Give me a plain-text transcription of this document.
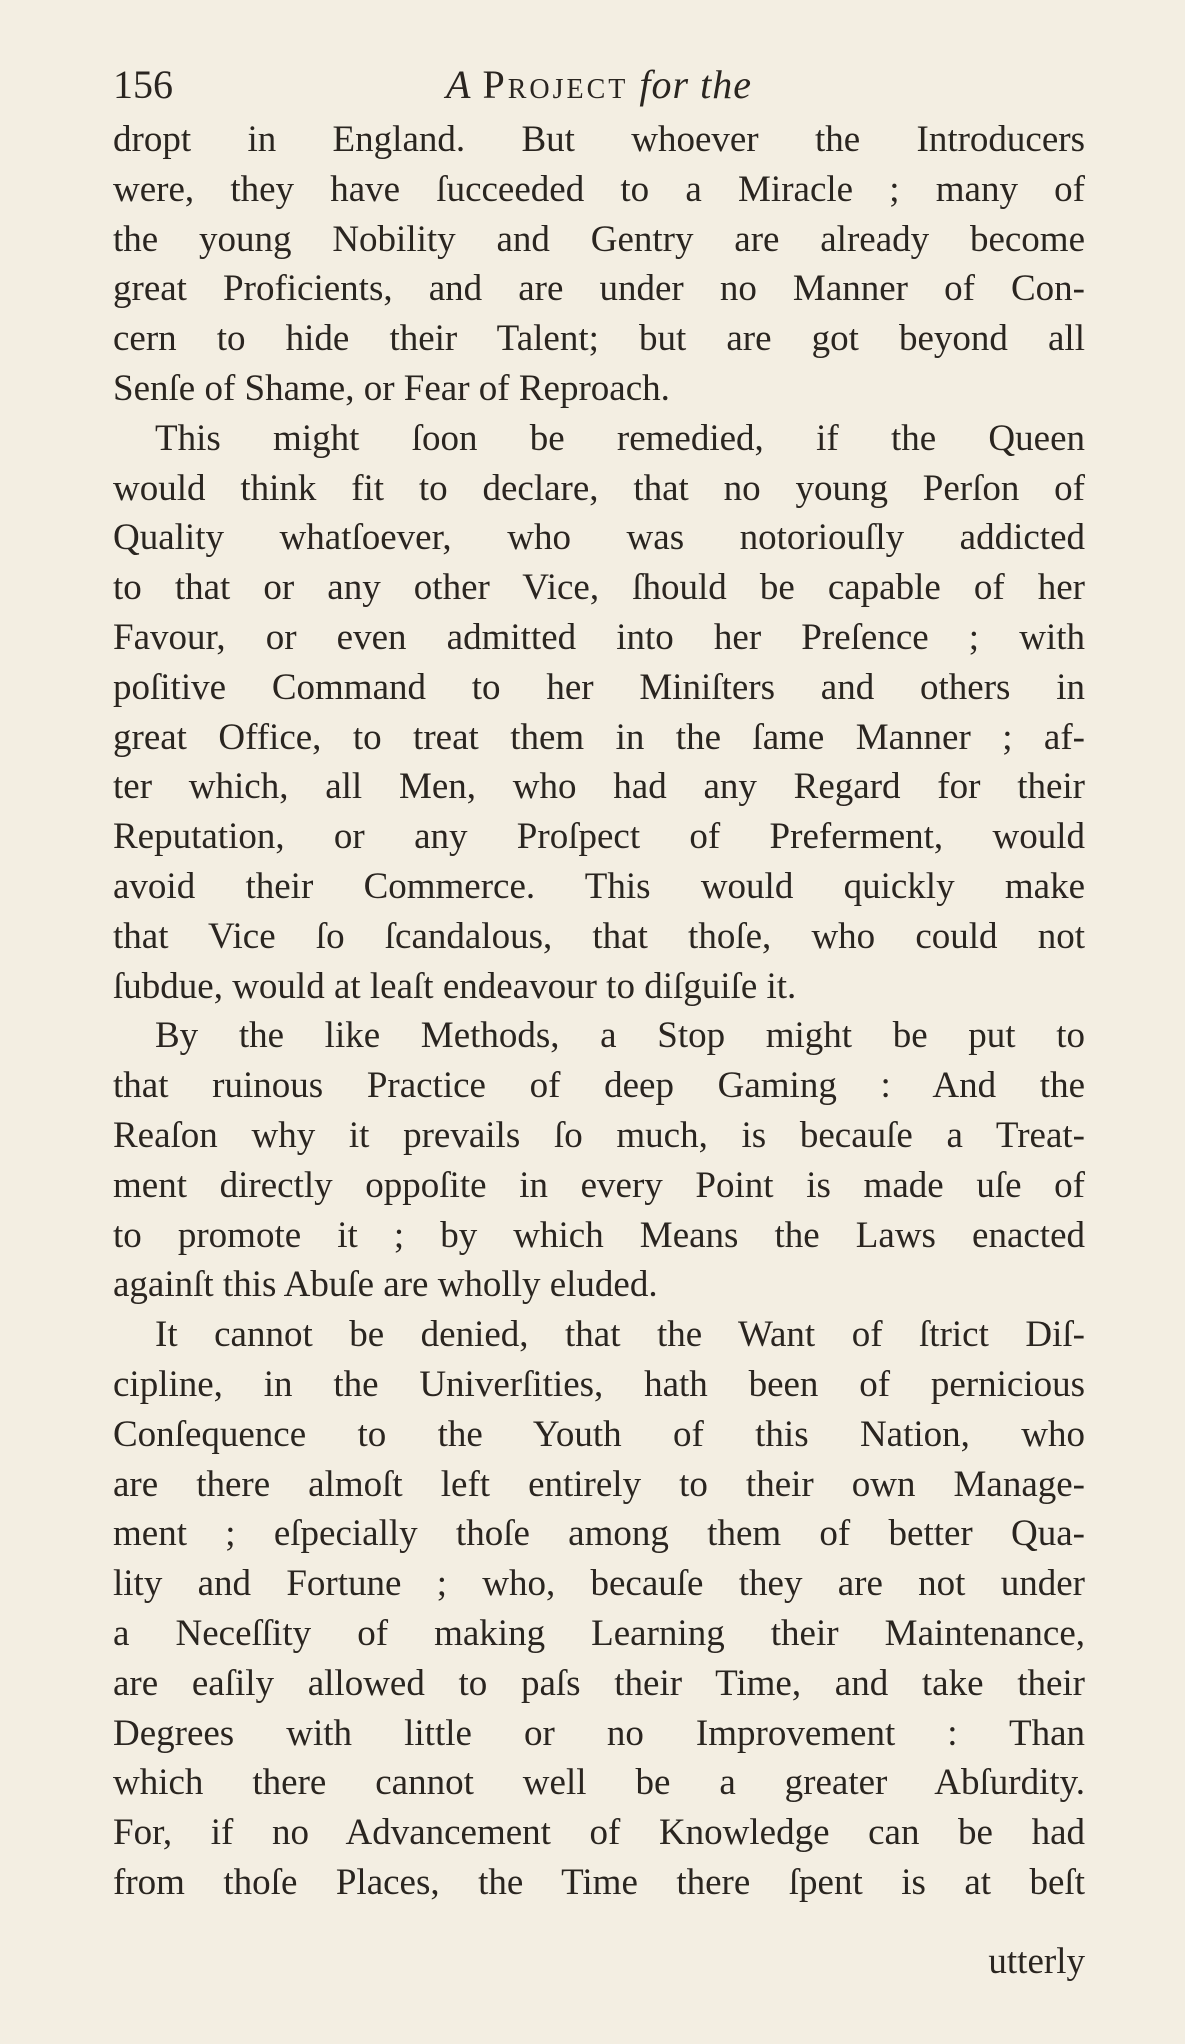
156	A Project for the
dropt in England. But whoever the Introducers
were, they have ſucceeded to a Miracle ; many of
the young Nobility and Gentry are already become
great Proficients, and are under no Manner of Con-
cern to hide their Talent; but are got beyond all
Senſe of Shame, or Fear of Reproach.
This might ſoon be remedied, if the Queen
would think fit to declare, that no young Perſon of
Quality whatſoever, who was notoriouſly addicted
to that or any other Vice, ſhould be capable of her
Favour, or even admitted into her Preſence ; with
poſitive Command to her Miniſters and others in
great Office, to treat them in the ſame Manner ; af-
ter which, all Men, who had any Regard for their
Reputation, or any Proſpect of Preferment, would
avoid their Commerce. This would quickly make
that Vice ſo ſcandalous, that thoſe, who could not
ſubdue, would at leaſt endeavour to diſguiſe it.
By the like Methods, a Stop might be put to
that ruinous Practice of deep Gaming : And the
Reaſon why it prevails ſo much, is becauſe a Treat-
ment directly oppoſite in every Point is made uſe of
to promote it ; by which Means the Laws enacted
againſt this Abuſe are wholly eluded.
It cannot be denied, that the Want of ſtrict Diſ-
cipline, in the Univerſities, hath been of pernicious
Conſequence to the Youth of this Nation, who
are there almoſt left entirely to their own Manage-
ment ; eſpecially thoſe among them of better Qua-
lity and Fortune ; who, becauſe they are not under
a Neceſſity of making Learning their Maintenance,
are eaſily allowed to paſs their Time, and take their
Degrees with little or no Improvement : Than
which there cannot well be a greater Abſurdity.
For, if no Advancement of Knowledge can be had
from thoſe Places, the Time there ſpent is at beſt
utterly
